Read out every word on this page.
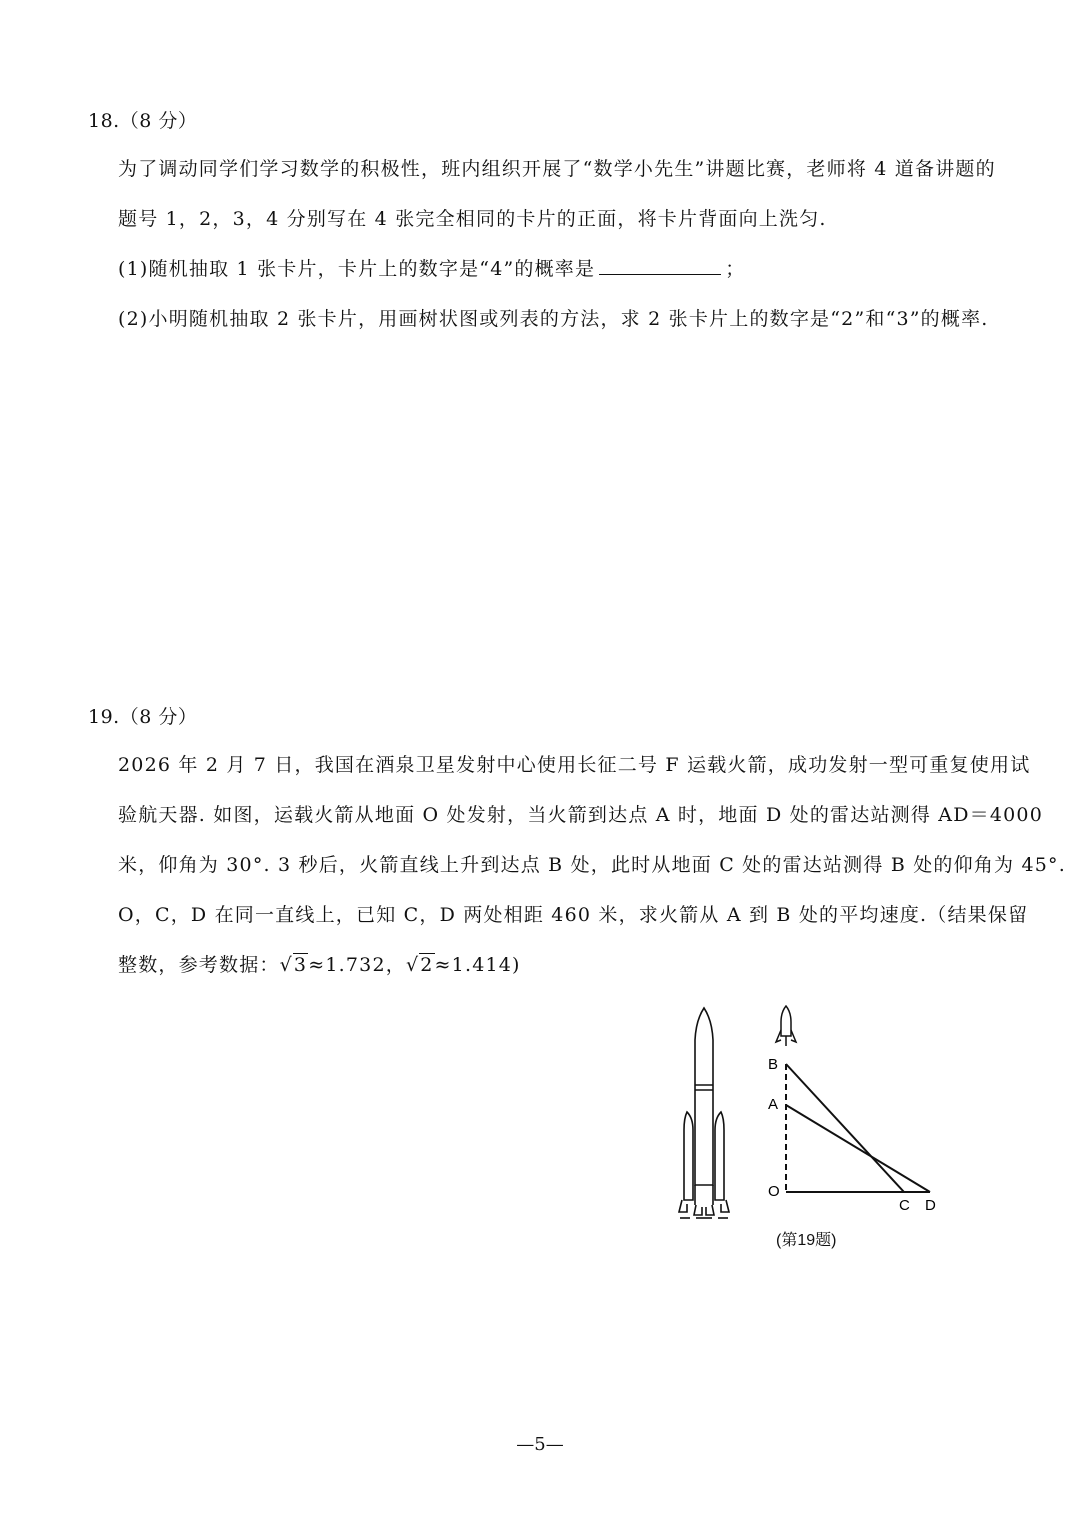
18.（8 分）
为了调动同学们学习数学的积极性，班内组织开展了“数学小先生”讲题比赛，老师将 4 道备讲题的
题号 1，2，3，4 分别写在 4 张完全相同的卡片的正面，将卡片背面向上洗匀.
(1)随机抽取 1 张卡片，卡片上的数字是“4”的概率是	；
(2)小明随机抽取 2 张卡片，用画树状图或列表的方法，求 2 张卡片上的数字是“2”和“3”的概率.
19.（8 分）
2026 年 2 月 7 日，我国在酒泉卫星发射中心使用长征二号 F 运载火箭，成功发射一型可重复使用试
验航天器. 如图，运载火箭从地面 O 处发射，当火箭到达点 A 时，地面 D 处的雷达站测得 AD＝4000
米，仰角为 30°. 3 秒后，火箭直线上升到达点 B 处，此时从地面 C 处的雷达站测得 B 处的仰角为 45°.
O，C，D 在同一直线上，已知 C，D 两处相距 460 米，求火箭从 A 到 B 处的平均速度.（结果保留
整数，参考数据：√3≈1.732，√2≈1.414)
B
A
O
C D
(第19题)
—5—
